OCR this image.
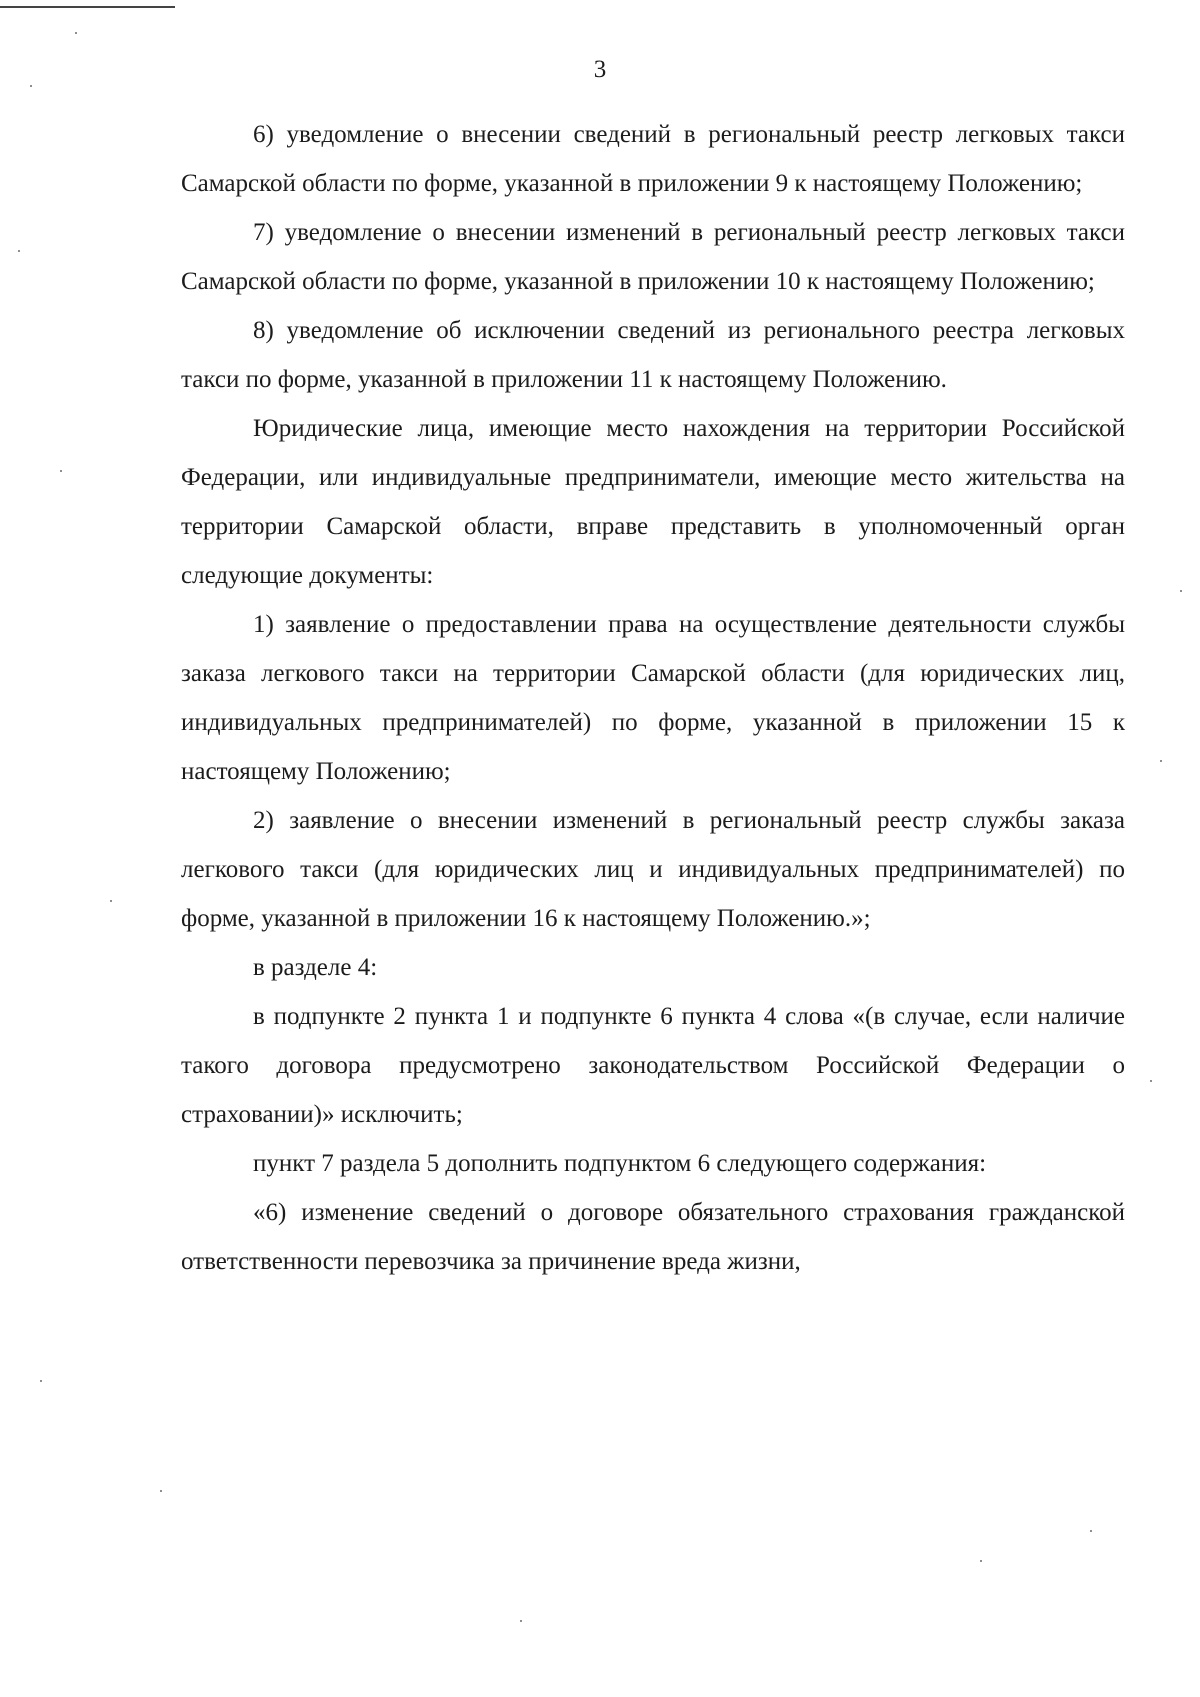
3

6) уведомление о внесении сведений в региональный реестр легковых такси Самарской области по форме, указанной в приложении 9 к настоящему Положению;

7) уведомление о внесении изменений в региональный реестр легковых такси Самарской области по форме, указанной в приложении 10 к настоящему Положению;

8) уведомление об исключении сведений из регионального реестра легковых такси по форме, указанной в приложении 11 к настоящему Положению.

Юридические лица, имеющие место нахождения на территории Российской Федерации, или индивидуальные предприниматели, имеющие место жительства на территории Самарской области, вправе представить в уполномоченный орган следующие документы:

1) заявление о предоставлении права на осуществление деятельности службы заказа легкового такси на территории Самарской области (для юридических лиц, индивидуальных предпринимателей) по форме, указанной в приложении 15 к настоящему Положению;

2) заявление о внесении изменений в региональный реестр службы заказа легкового такси (для юридических лиц и индивидуальных предпринимателей) по форме, указанной в приложении 16 к настоящему Положению.»;

в разделе 4:

в подпункте 2 пункта 1 и подпункте 6 пункта 4 слова «(в случае, если наличие такого договора предусмотрено законодательством Российской Федерации о страховании)» исключить;

пункт 7 раздела 5 дополнить подпунктом 6 следующего содержания:

«6) изменение сведений о договоре обязательного страхования гражданской ответственности перевозчика за причинение вреда жизни,
